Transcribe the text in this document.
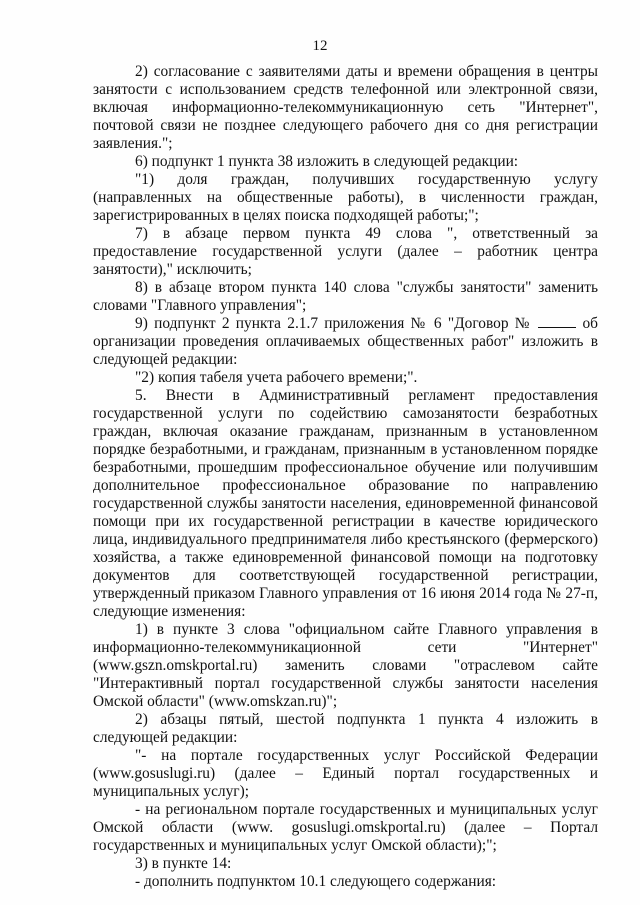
12

2) согласование с заявителями даты и времени обращения в центры занятости с использованием средств телефонной или электронной связи, включая информационно-телекоммуникационную сеть "Интернет", почтовой связи не позднее следующего рабочего дня со дня регистрации заявления.";

6) подпункт 1 пункта 38 изложить в следующей редакции:

"1) доля граждан, получивших государственную услугу (направленных на общественные работы), в численности граждан, зарегистрированных в целях поиска подходящей работы;";

7) в абзаце первом пункта 49 слова ", ответственный за предоставление государственной услуги (далее – работник центра занятости)," исключить;

8) в абзаце втором пункта 140 слова "службы занятости" заменить словами "Главного управления";

9) подпункт 2 пункта 2.1.7 приложения № 6 "Договор №	об организации проведения оплачиваемых общественных работ" изложить в следующей редакции:

"2) копия табеля учета рабочего времени;".

5. Внести в Административный регламент предоставления государственной услуги по содействию самозанятости безработных граждан, включая оказание гражданам, признанным в установленном порядке безработными, и гражданам, признанным в установленном порядке безработными, прошедшим профессиональное обучение или получившим дополнительное профессиональное образование по направлению государственной службы занятости населения, единовременной финансовой помощи при их государственной регистрации в качестве юридического лица, индивидуального предпринимателя либо крестьянского (фермерского) хозяйства, а также единовременной финансовой помощи на подготовку документов для соответствующей государственной регистрации, утвержденный приказом Главного управления от 16 июня 2014 года № 27-п, следующие изменения:

1) в пункте 3 слова "официальном сайте Главного управления в информационно-телекоммуникационной сети "Интернет" (www.gszn.omskportal.ru) заменить словами "отраслевом сайте "Интерактивный портал государственной службы занятости населения Омской области" (www.omskzan.ru)";

2) абзацы пятый, шестой подпункта 1 пункта 4 изложить в следующей редакции:

"- на портале государственных услуг Российской Федерации (www.gosuslugi.ru) (далее – Единый портал государственных и муниципальных услуг);

- на региональном портале государственных и муниципальных услуг Омской области (www. gosuslugi.omskportal.ru) (далее – Портал государственных и муниципальных услуг Омской области);";

3) в пункте 14:

- дополнить подпунктом 10.1 следующего содержания:
